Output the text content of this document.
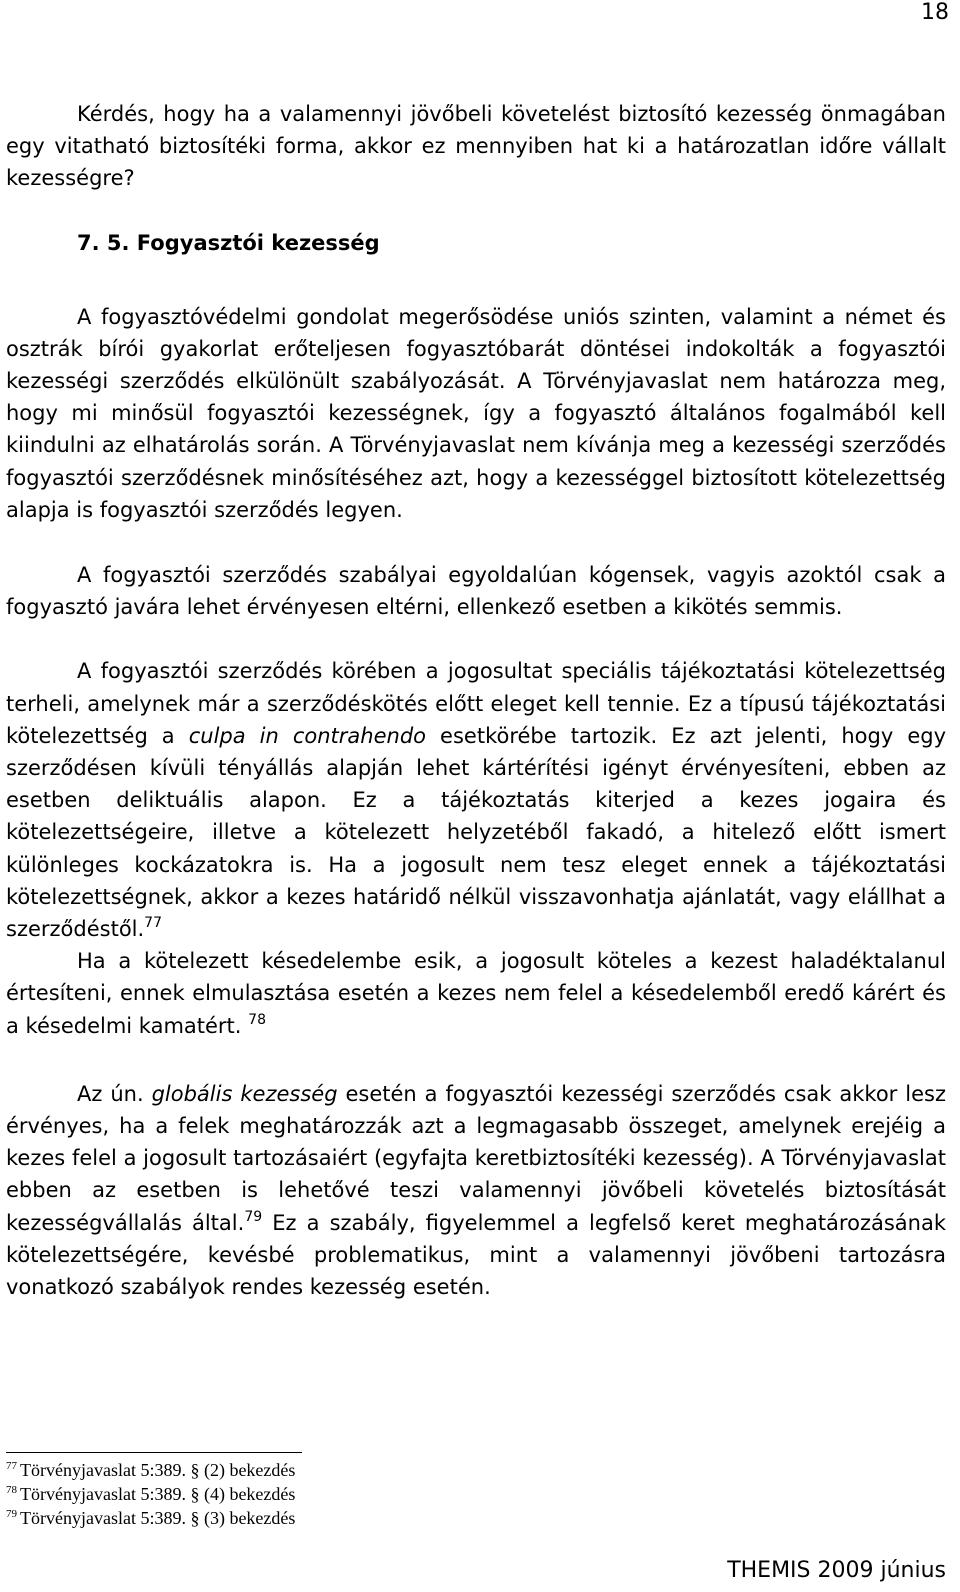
18

Kérdés, hogy ha a valamennyi jövőbeli követelést biztosító kezesség önmagában egy vitatható biztosítéki forma, akkor ez mennyiben hat ki a határozatlan időre vállalt kezességre?

7. 5. Fogyasztói kezesség

A fogyasztóvédelmi gondolat megerősödése uniós szinten, valamint a német és osztrák bírói gyakorlat erőteljesen fogyasztóbarát döntései indokolták a fogyasztói kezességi szerződés elkülönült szabályozását. A Törvényjavaslat nem határozza meg, hogy mi minősül fogyasztói kezességnek, így a fogyasztó általános fogalmából kell kiindulni az elhatárolás során. A Törvényjavaslat nem kívánja meg a kezességi szerződés fogyasztói szerződésnek minősítéséhez azt, hogy a kezességgel biztosított kötelezettség alapja is fogyasztói szerződés legyen.

A fogyasztói szerződés szabályai egyoldalúan kógensek, vagyis azoktól csak a fogyasztó javára lehet érvényesen eltérni, ellenkező esetben a kikötés semmis.

A fogyasztói szerződés körében a jogosultat speciális tájékoztatási kötelezettség terheli, amelynek már a szerződéskötés előtt eleget kell tennie. Ez a típusú tájékoztatási kötelezettség a culpa in contrahendo esetkörébe tartozik. Ez azt jelenti, hogy egy szerződésen kívüli tényállás alapján lehet kártérítési igényt érvényesíteni, ebben az esetben deliktuális alapon. Ez a tájékoztatás kiterjed a kezes jogaira és kötelezettségeire, illetve a kötelezett helyzetéből fakadó, a hitelező előtt ismert különleges kockázatokra is. Ha a jogosult nem tesz eleget ennek a tájékoztatási kötelezettségnek, akkor a kezes határidő nélkül visszavonhatja ajánlatát, vagy elállhat a szerződéstől.$^{77}$

Ha a kötelezett késedelembe esik, a jogosult köteles a kezest haladéktalanul értesíteni, ennek elmulasztása esetén a kezes nem felel a késedelemből eredő kárért és a késedelmi kamatért. $^{78}$

Az ún. globális kezesség esetén a fogyasztói kezességi szerződés csak akkor lesz érvényes, ha a felek meghatározzák azt a legmagasabb összeget, amelynek erejéig a kezes felel a jogosult tartozásaiért (egyfajta keretbiztosítéki kezesség). A Törvényjavaslat ebben az esetben is lehetővé teszi valamennyi jövőbeli követelés biztosítását kezességvállalás által.$^{79}$ Ez a szabály, figyelemmel a legfelső keret meghatározásának kötelezettségére, kevésbé problematikus, mint a valamennyi jövőbeni tartozásra vonatkozó szabályok rendes kezesség esetén.

$^{77}$ Törvényjavaslat 5:389. § (2) bekezdés
$^{78}$ Törvényjavaslat 5:389. § (4) bekezdés
$^{79}$ Törvényjavaslat 5:389. § (3) bekezdés
THEMIS 2009 június
